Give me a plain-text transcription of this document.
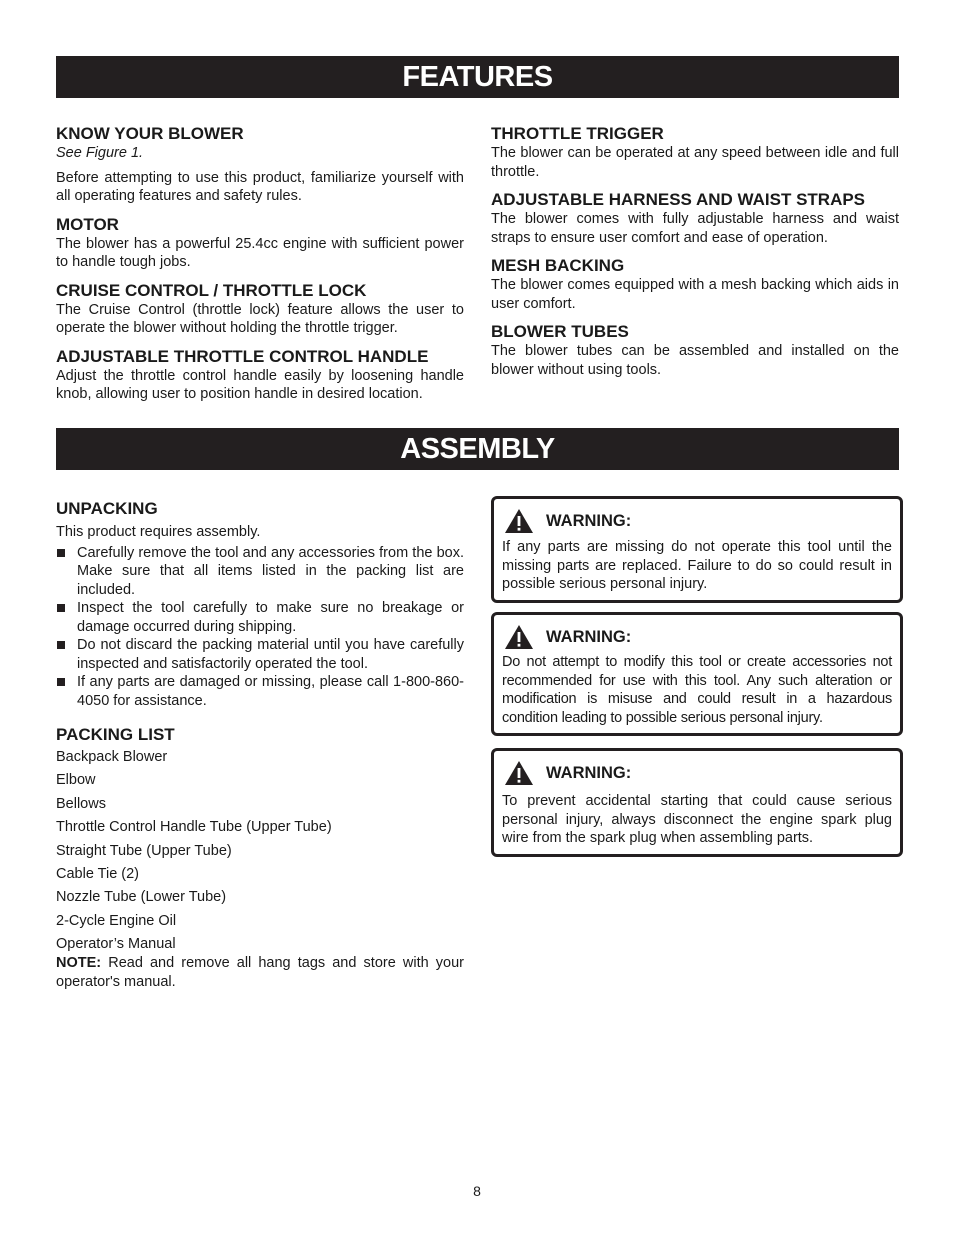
FEATURES

KNOW YOUR BLOWER

See Figure 1.

Before attempting to use this product, familiarize yourself with all operating features and safety rules.

MOTOR

The blower has a powerful 25.4cc engine with sufficient power to handle tough jobs.

CRUISE CONTROL / THROTTLE LOCK

The Cruise Control (throttle lock) feature allows the user to operate the blower without holding the throttle trigger.

ADJUSTABLE THROTTLE CONTROL HANDLE

Adjust the throttle control handle easily by loosening handle knob, allowing user to position handle in desired location.

THROTTLE TRIGGER

The blower can be operated at any speed between idle and full throttle.

ADJUSTABLE HARNESS AND WAIST STRAPS

The blower comes with fully adjustable harness and waist straps to ensure user comfort and ease of operation.

MESH BACKING

The blower comes equipped with a mesh backing which aids in user comfort.

BLOWER TUBES

The blower tubes can be assembled and installed on the blower without using tools.

ASSEMBLY

UNPACKING

This product requires assembly.

Carefully remove the tool and any accessories from the box. Make sure that all items listed in the packing list are included.

Inspect the tool carefully to make sure no breakage or damage occurred during shipping.

Do not discard the packing material until you have carefully inspected and satisfactorily operated the tool.

If any parts are damaged or missing, please call 1-800-860-4050 for assistance.

PACKING LIST

Backpack Blower

Elbow

Bellows

Throttle Control Handle Tube (Upper Tube)

Straight Tube (Upper Tube)

Cable Tie (2)

Nozzle Tube (Lower Tube)

2-Cycle Engine Oil

Operator’s Manual

NOTE: Read and remove all hang tags and store with your operator's manual.

WARNING:

If any parts are missing do not operate this tool until the missing parts are replaced. Failure to do so could result in possible serious personal injury.

WARNING:

Do not attempt to modify this tool or create accessories not recommended for use with this tool. Any such alteration or modification is misuse and could result in a hazardous condition leading to possible serious personal injury.

WARNING:

To prevent accidental starting that could cause serious personal injury, always disconnect the engine spark plug wire from the spark plug when assembling parts.

8
